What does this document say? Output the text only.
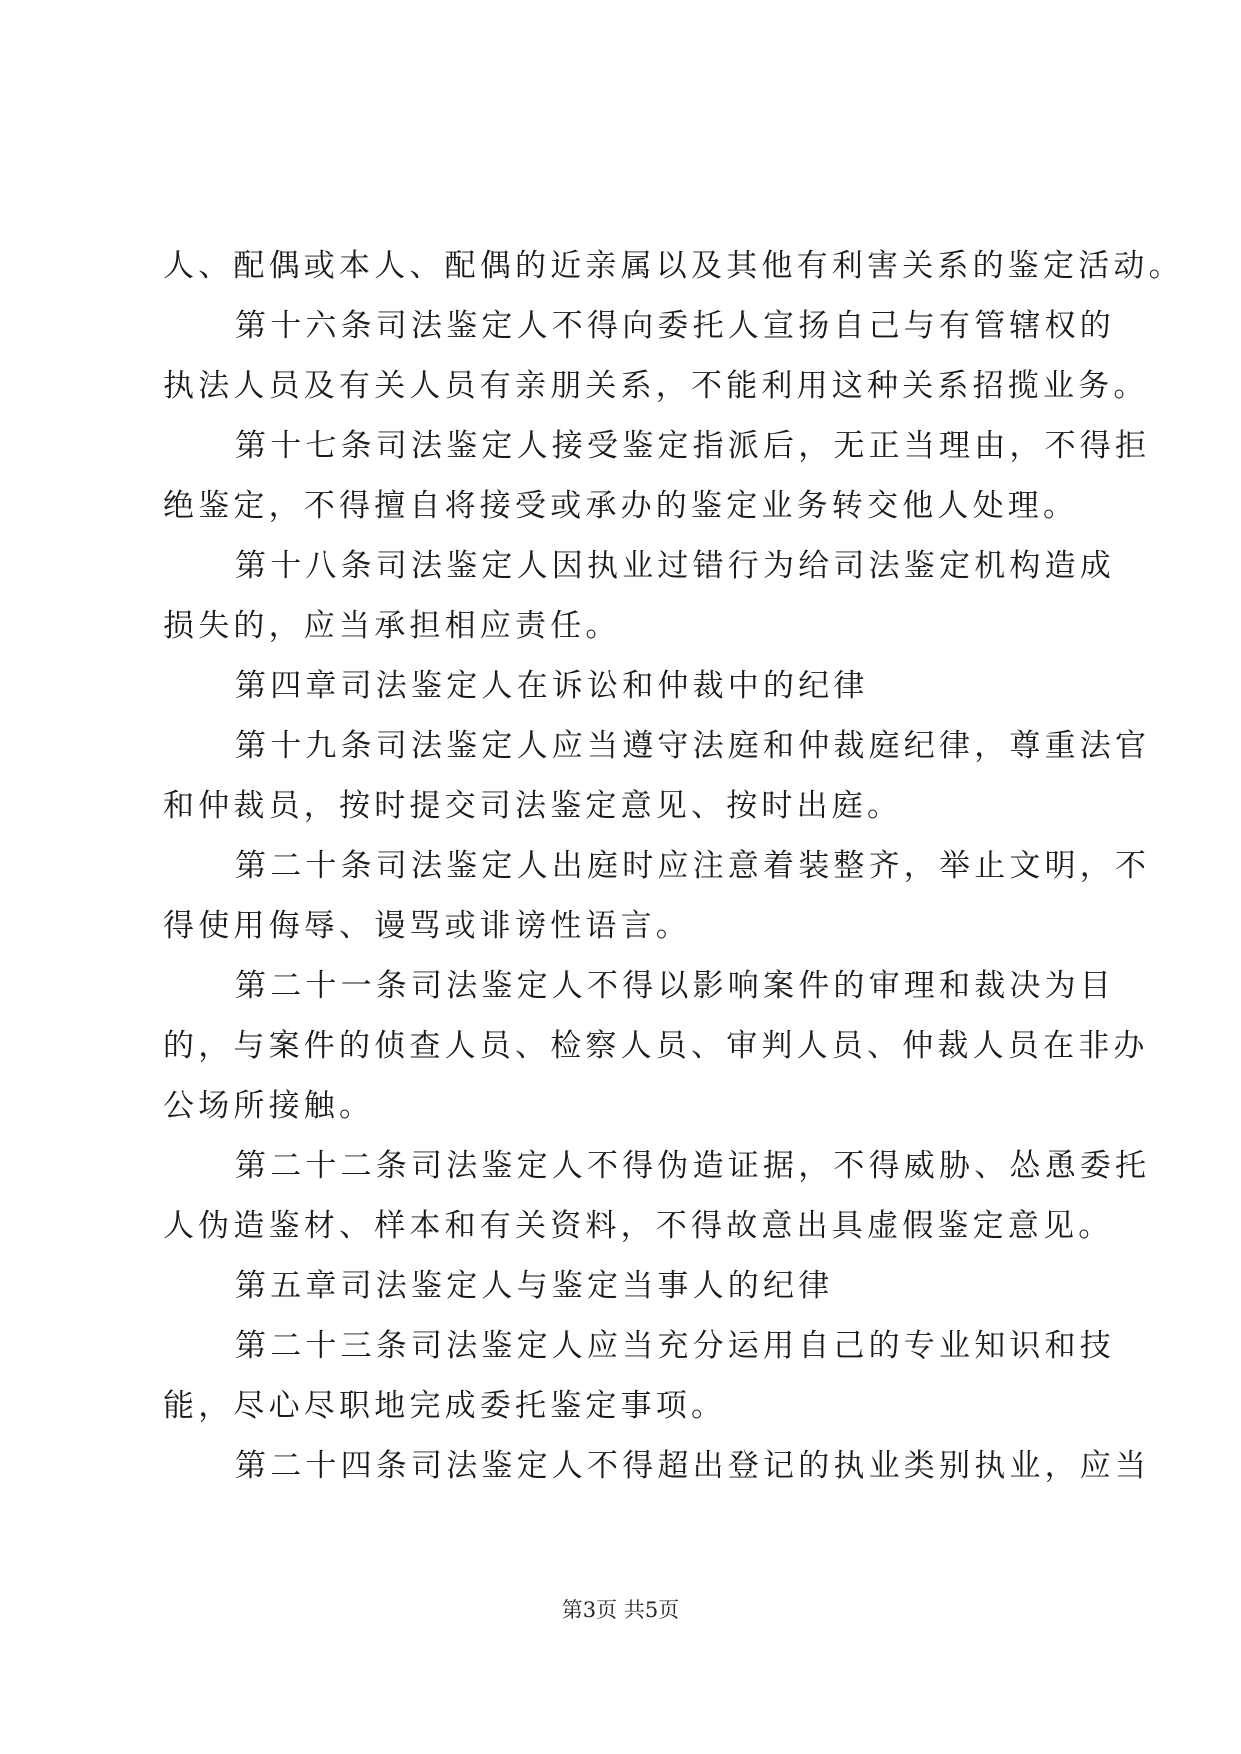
人、配偶或本人、配偶的近亲属以及其他有利害关系的鉴定活动。
第十六条司法鉴定人不得向委托人宣扬自己与有管辖权的
执法人员及有关人员有亲朋关系，不能利用这种关系招揽业务。
第十七条司法鉴定人接受鉴定指派后，无正当理由，不得拒
绝鉴定，不得擅自将接受或承办的鉴定业务转交他人处理。
第十八条司法鉴定人因执业过错行为给司法鉴定机构造成
损失的，应当承担相应责任。
第四章司法鉴定人在诉讼和仲裁中的纪律
第十九条司法鉴定人应当遵守法庭和仲裁庭纪律，尊重法官
和仲裁员，按时提交司法鉴定意见、按时出庭。
第二十条司法鉴定人出庭时应注意着装整齐，举止文明，不
得使用侮辱、谩骂或诽谤性语言。
第二十一条司法鉴定人不得以影响案件的审理和裁决为目
的，与案件的侦查人员、检察人员、审判人员、仲裁人员在非办
公场所接触。
第二十二条司法鉴定人不得伪造证据，不得威胁、怂恿委托
人伪造鉴材、样本和有关资料，不得故意出具虚假鉴定意见。
第五章司法鉴定人与鉴定当事人的纪律
第二十三条司法鉴定人应当充分运用自己的专业知识和技
能，尽心尽职地完成委托鉴定事项。
第二十四条司法鉴定人不得超出登记的执业类别执业，应当
第3页 共5页
